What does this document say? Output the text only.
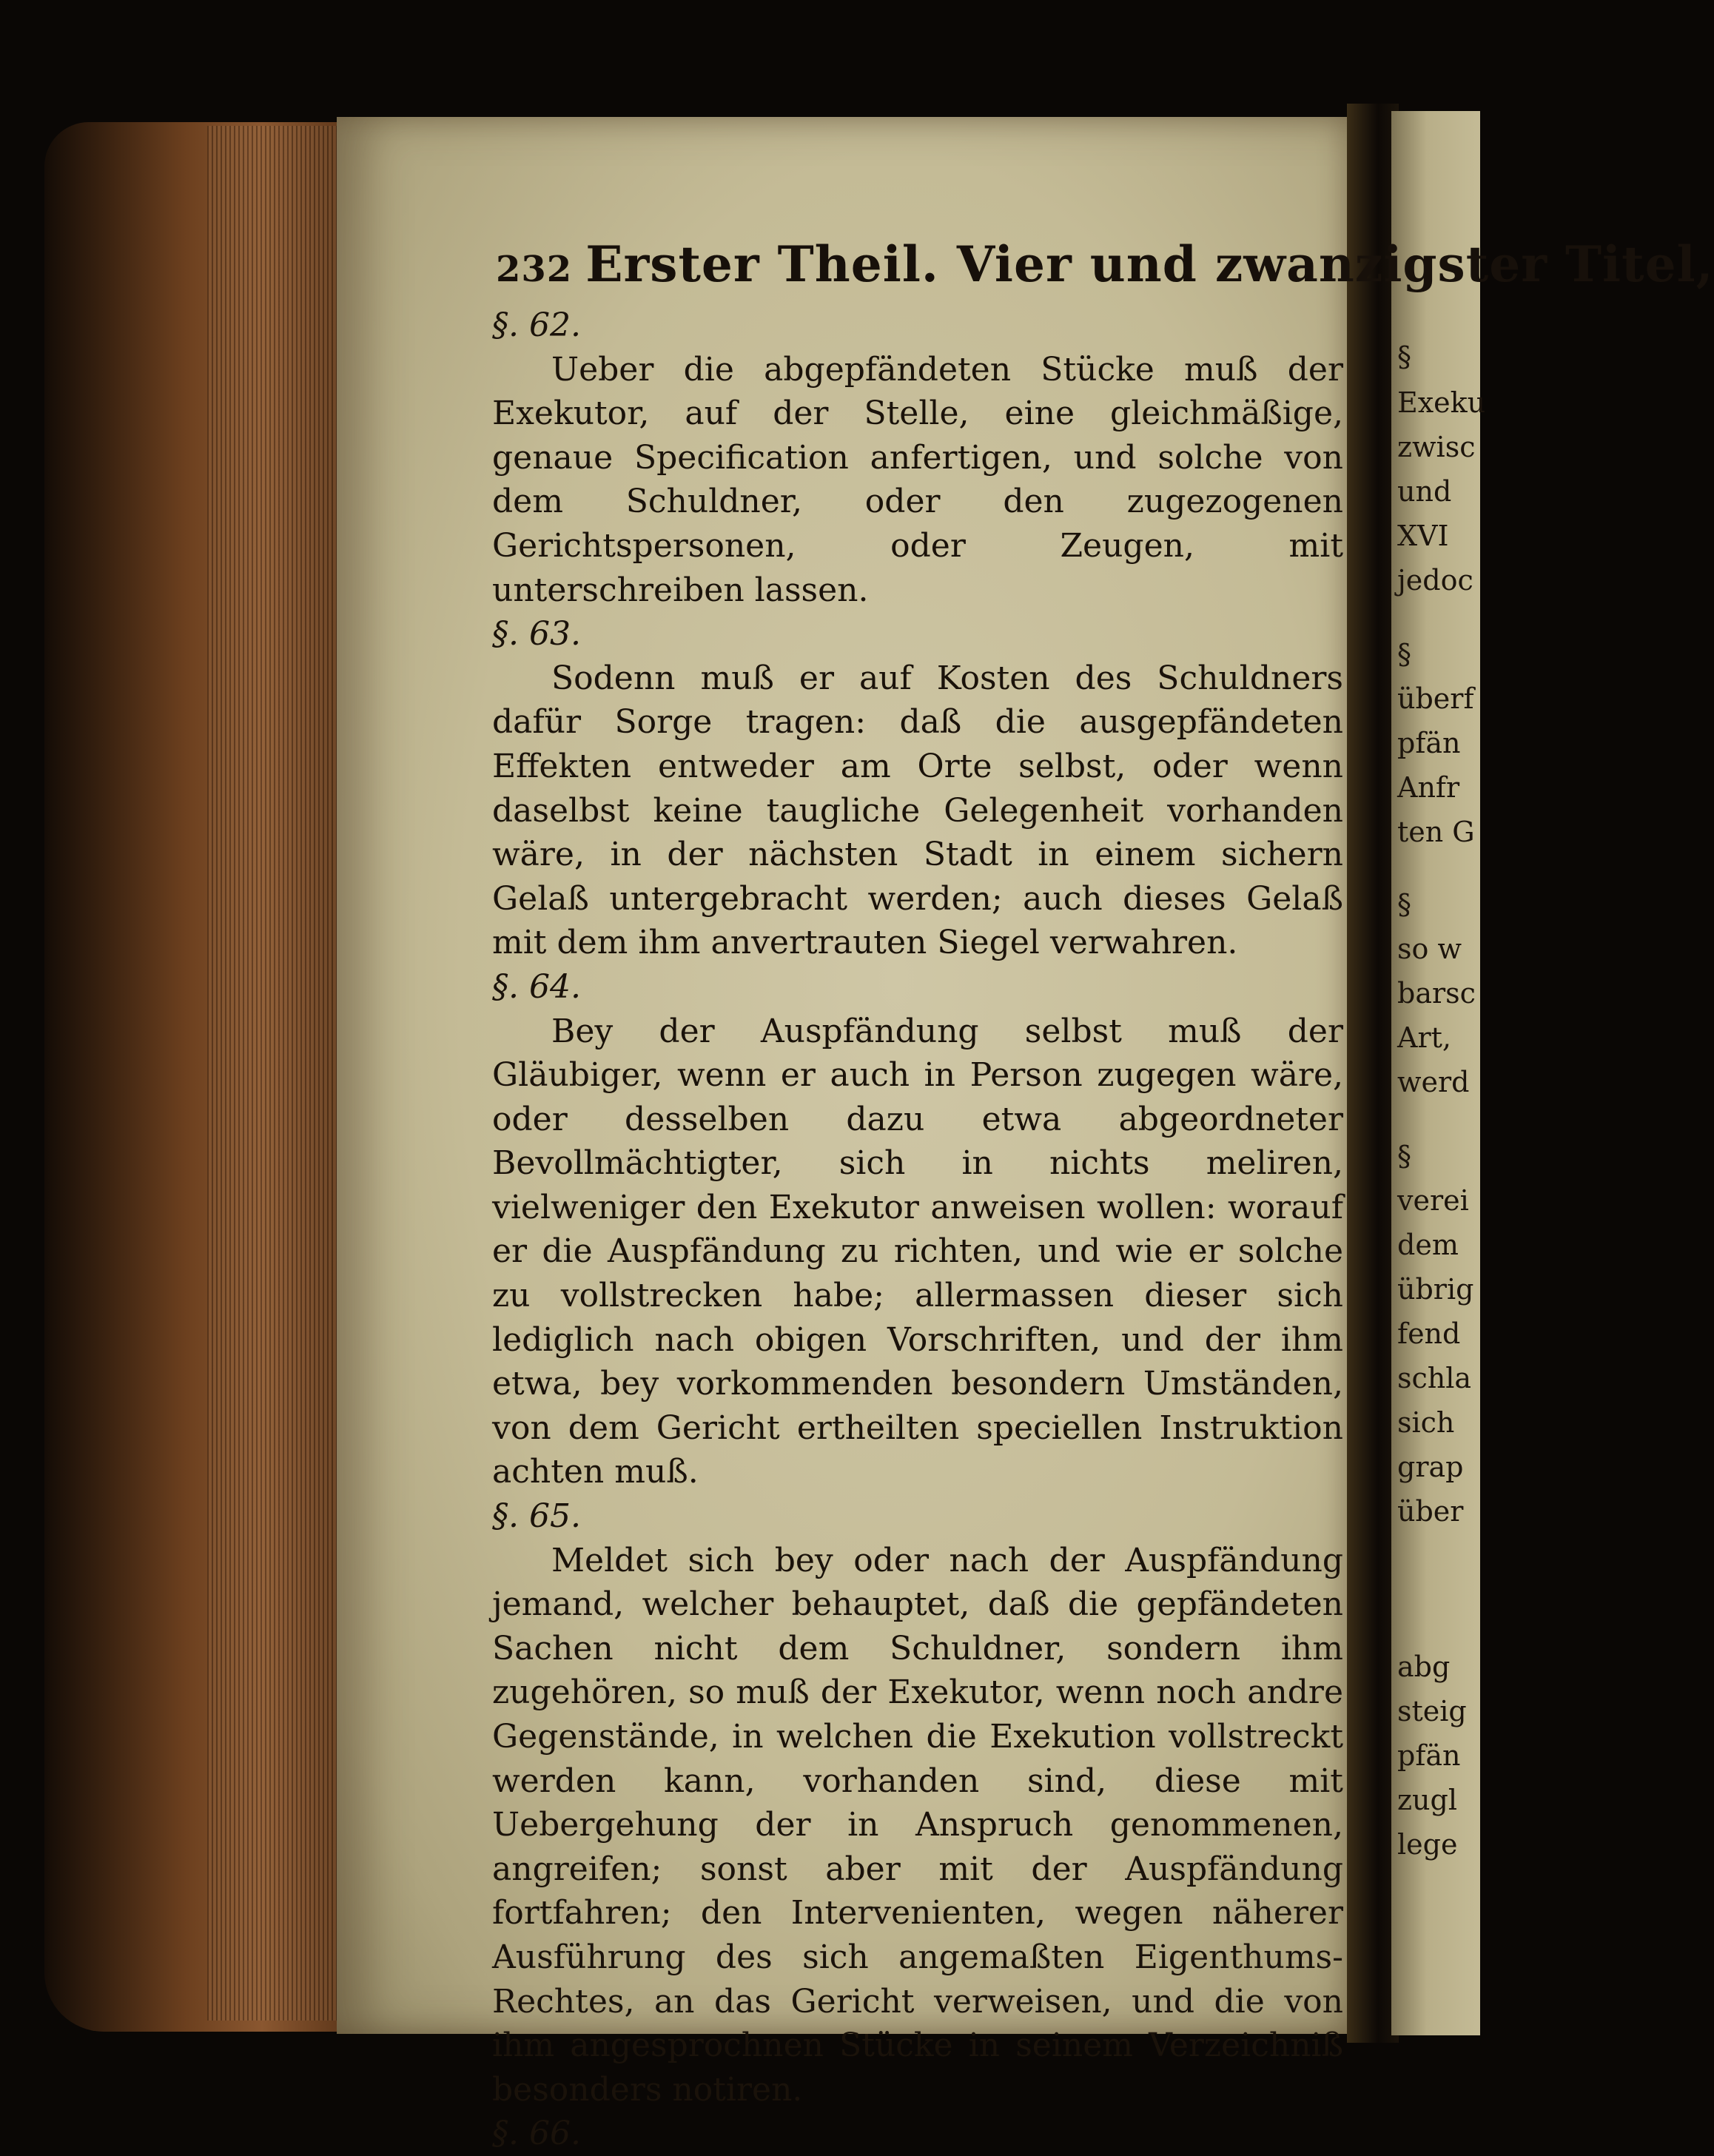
§
Exeku
zwisc
und
XVI
jedoc
§
überf
pfän
Anfr
ten G
§
so w
barsc
Art,
werd
§
verei
dem
übrig
fend
schla
sich
grap
über
abg
steig
pfän
zugl
lege
232 Erster Theil. Vier und zwanzigster Titel,

§. 62.

Ueber die abgepfändeten Stücke muß der Exekutor, auf der Stelle, eine gleichmäßige, genaue Specification anfertigen, und solche von dem Schuldner, oder den zugezogenen Gerichtspersonen, oder Zeugen, mit unterschreiben lassen.

§. 63.

Sodenn muß er auf Kosten des Schuldners dafür Sorge tragen: daß die ausgepfändeten Effekten entweder am Orte selbst, oder wenn daselbst keine taugliche Gelegenheit vorhanden wäre, in der nächsten Stadt in einem sichern Gelaß untergebracht werden; auch dieses Gelaß mit dem ihm anvertrauten Siegel verwahren.

§. 64.

Bey der Auspfändung selbst muß der Gläubiger, wenn er auch in Person zugegen wäre, oder desselben dazu etwa abgeordneter Bevollmächtigter, sich in nichts meliren, vielweniger den Exekutor anweisen wollen: worauf er die Auspfändung zu richten, und wie er solche zu vollstrecken habe; allermassen dieser sich lediglich nach obigen Vorschriften, und der ihm etwa, bey vorkommenden besondern Umständen, von dem Gericht ertheilten speciellen Instruktion achten muß.

§. 65.

Meldet sich bey oder nach der Auspfändung jemand, welcher behauptet, daß die gepfändeten Sachen nicht dem Schuldner, sondern ihm zugehören, so muß der Exekutor, wenn noch andre Gegenstände, in welchen die Exekution vollstreckt werden kann, vorhanden sind, diese mit Uebergehung der in Anspruch genommenen, angreifen; sonst aber mit der Auspfändung fortfahren; den Intervenienten, wegen näherer Ausführung des sich angemaßten Eigenthums-Rechtes, an das Gericht verweisen, und die von ihm angesprochnen Stücke in seinem Verzeichniß besonders notiren.

§. 66.
